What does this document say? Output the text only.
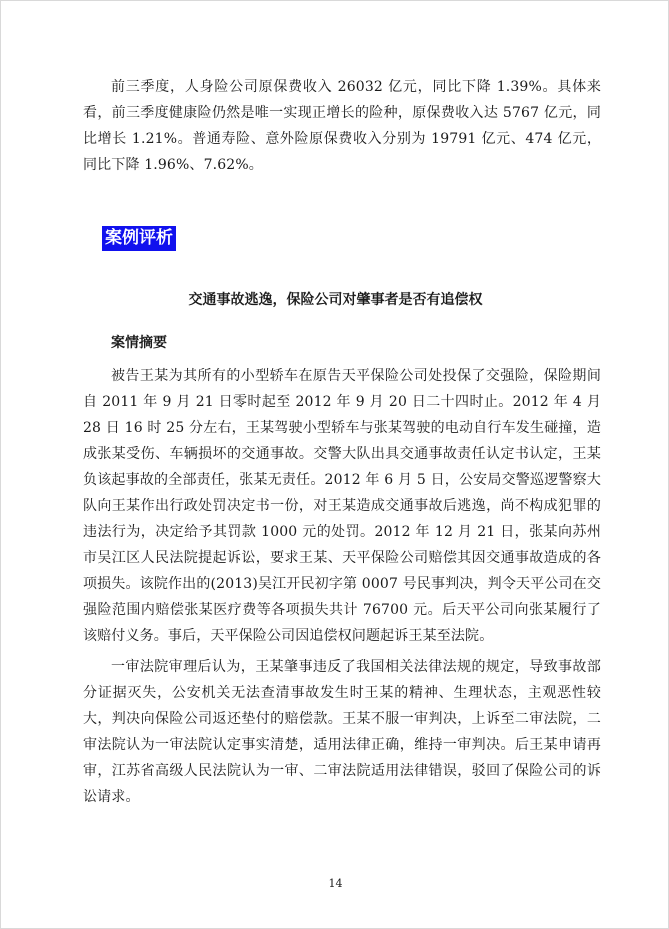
前三季度，人身险公司原保费收入 26032 亿元，同比下降 1.39%。具体来看，前三季度健康险仍然是唯一实现正增长的险种，原保费收入达 5767 亿元，同比增长 1.21%。普通寿险、意外险原保费收入分别为 19791 亿元、474 亿元，同比下降 1.96%、7.62%。

案例评析
交通事故逃逸，保险公司对肇事者是否有追偿权
案情摘要

被告王某为其所有的小型轿车在原告天平保险公司处投保了交强险，保险期间自 2011 年 9 月 21 日零时起至 2012 年 9 月 20 日二十四时止。2012 年 4 月 28 日 16 时 25 分左右，王某驾驶小型轿车与张某驾驶的电动自行车发生碰撞，造成张某受伤、车辆损坏的交通事故。交警大队出具交通事故责任认定书认定，王某负该起事故的全部责任，张某无责任。2012 年 6 月 5 日，公安局交警巡逻警察大队向王某作出行政处罚决定书一份，对王某造成交通事故后逃逸，尚不构成犯罪的违法行为，决定给予其罚款 1000 元的处罚。2012 年 12 月 21 日，张某向苏州市吴江区人民法院提起诉讼，要求王某、天平保险公司赔偿其因交通事故造成的各项损失。该院作出的(2013)吴江开民初字第 0007 号民事判决，判令天平公司在交强险范围内赔偿张某医疗费等各项损失共计 76700 元。后天平公司向张某履行了该赔付义务。事后，天平保险公司因追偿权问题起诉王某至法院。

一审法院审理后认为，王某肇事违反了我国相关法律法规的规定，导致事故部分证据灭失，公安机关无法查清事故发生时王某的精神、生理状态，主观恶性较大，判决向保险公司返还垫付的赔偿款。王某不服一审判决，上诉至二审法院，二审法院认为一审法院认定事实清楚，适用法律正确，维持一审判决。后王某申请再审，江苏省高级人民法院认为一审、二审法院适用法律错误，驳回了保险公司的诉讼请求。

14
